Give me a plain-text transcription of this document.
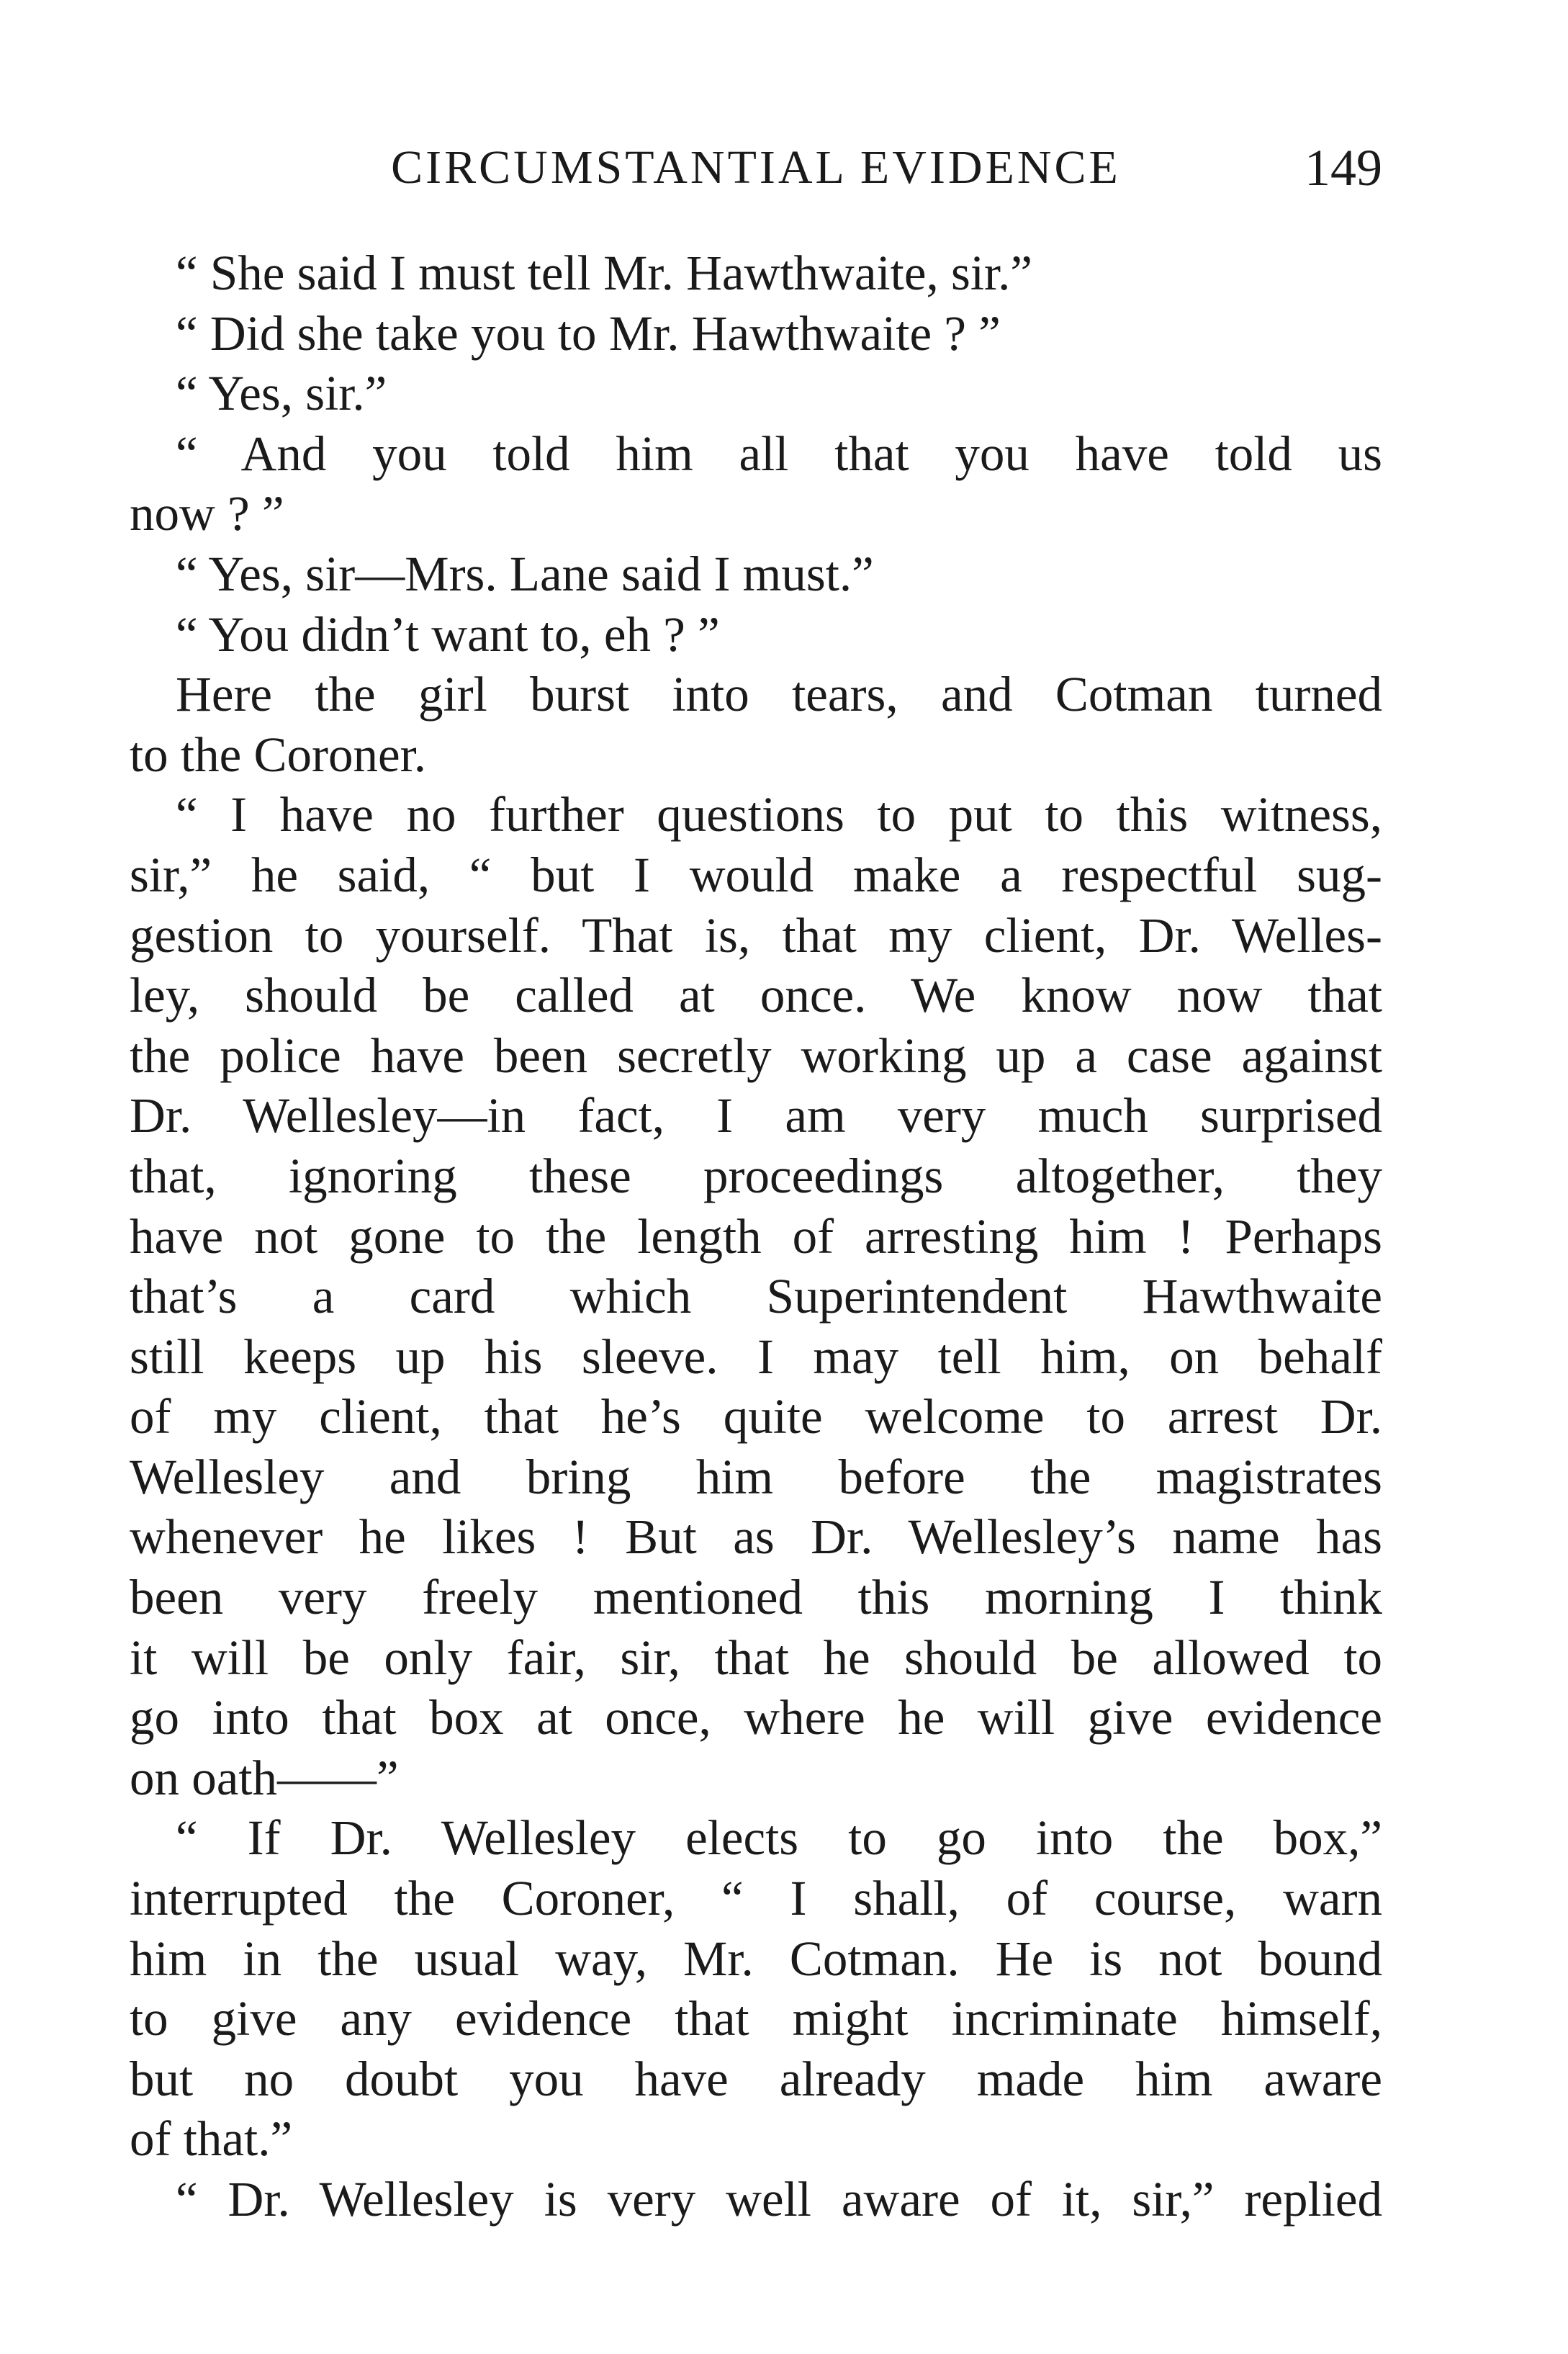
CIRCUMSTANTIAL EVIDENCE	149

“ She said I must tell Mr. Hawthwaite, sir.”

“ Did she take you to Mr. Hawthwaite ? ”

“ Yes, sir.”

“ And you told him all that you have told us
now ? ”

“ Yes, sir—Mrs. Lane said I must.”

“ You didn’t want to, eh ? ”

Here the girl burst into tears, and Cotman turned
to the Coroner.

“ I have no further questions to put to this witness,
sir,” he said, “ but I would make a respectful sug-
gestion to yourself. That is, that my client, Dr. Welles-
ley, should be called at once. We know now that
the police have been secretly working up a case against
Dr. Wellesley—in fact, I am very much surprised
that, ignoring these proceedings altogether, they
have not gone to the length of arresting him ! Perhaps
that’s a card which Superintendent Hawthwaite
still keeps up his sleeve. I may tell him, on behalf
of my client, that he’s quite welcome to arrest Dr.
Wellesley and bring him before the magistrates
whenever he likes ! But as Dr. Wellesley’s name has
been very freely mentioned this morning I think
it will be only fair, sir, that he should be allowed to
go into that box at once, where he will give evidence
on oath——”

“ If Dr. Wellesley elects to go into the box,”
interrupted the Coroner, “ I shall, of course, warn
him in the usual way, Mr. Cotman. He is not bound
to give any evidence that might incriminate himself,
but no doubt you have already made him aware
of that.”

“ Dr. Wellesley is very well aware of it, sir,” replied
